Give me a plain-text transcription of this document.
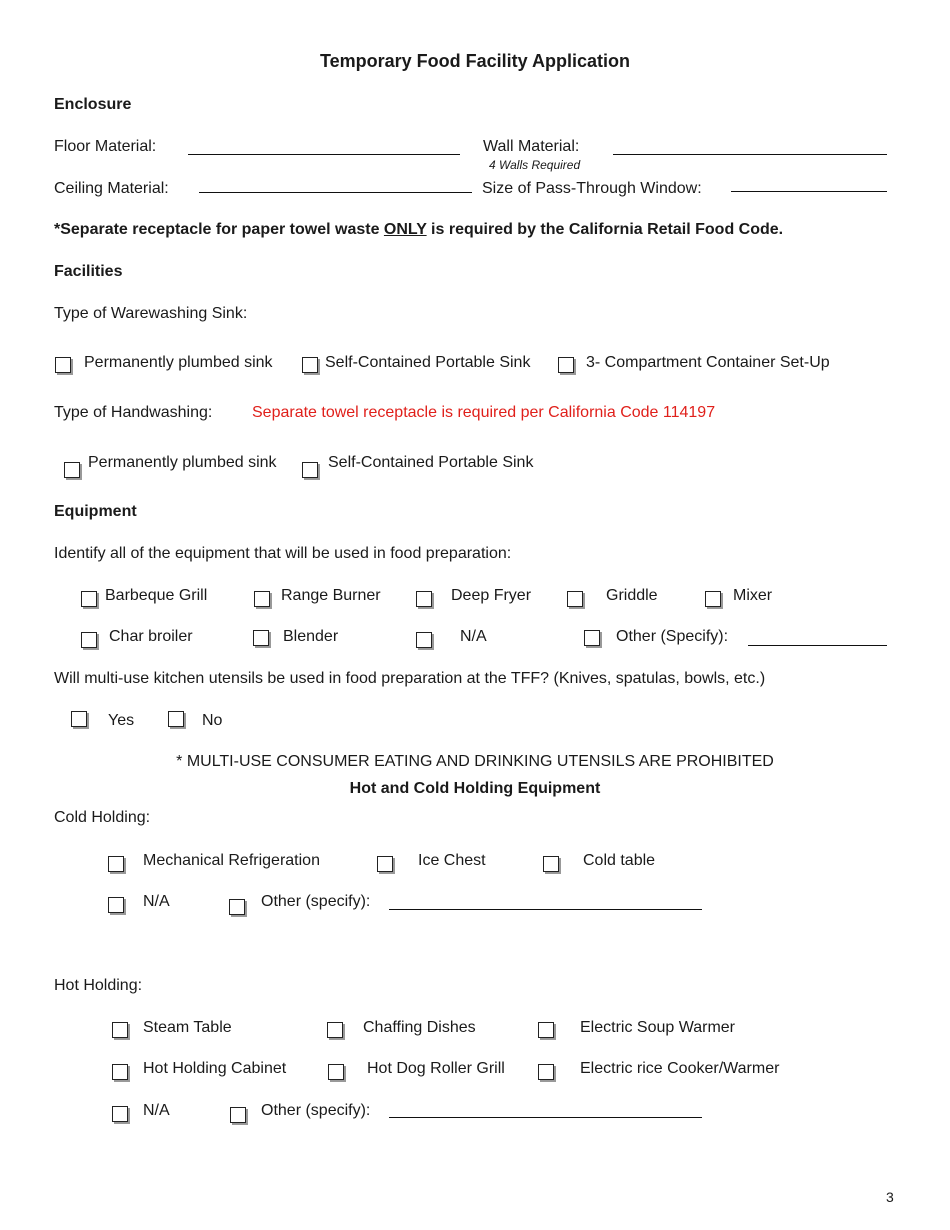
Temporary Food Facility Application
Enclosure
Floor Material:	Wall Material:
4 Walls Required
Ceiling Material:	Size of Pass-Through Window:
*Separate receptacle for paper towel waste ONLY is required by the California Retail Food Code.
Facilities
Type of Warewashing Sink:
Permanently plumbed sink	Self-Contained Portable Sink	3- Compartment Container Set-Up
Type of Handwashing: Separate towel receptacle is required per California Code 114197
Permanently plumbed sink	Self-Contained Portable Sink
Equipment
Identify all of the equipment that will be used in food preparation:
Barbeque Grill	Range Burner	Deep Fryer	Griddle	Mixer
Char broiler	Blender	N/A	Other (Specify):
Will multi-use kitchen utensils be used in food preparation at the TFF? (Knives, spatulas, bowls, etc.)
Yes	No
* MULTI-USE CONSUMER EATING AND DRINKING UTENSILS ARE PROHIBITED
Hot and Cold Holding Equipment
Cold Holding:
Mechanical Refrigeration	Ice Chest	Cold table
N/A	Other (specify):
Hot Holding:
Steam Table	Chaffing Dishes	Electric Soup Warmer
Hot Holding Cabinet	Hot Dog Roller Grill	Electric rice Cooker/Warmer
N/A	Other (specify):
3
